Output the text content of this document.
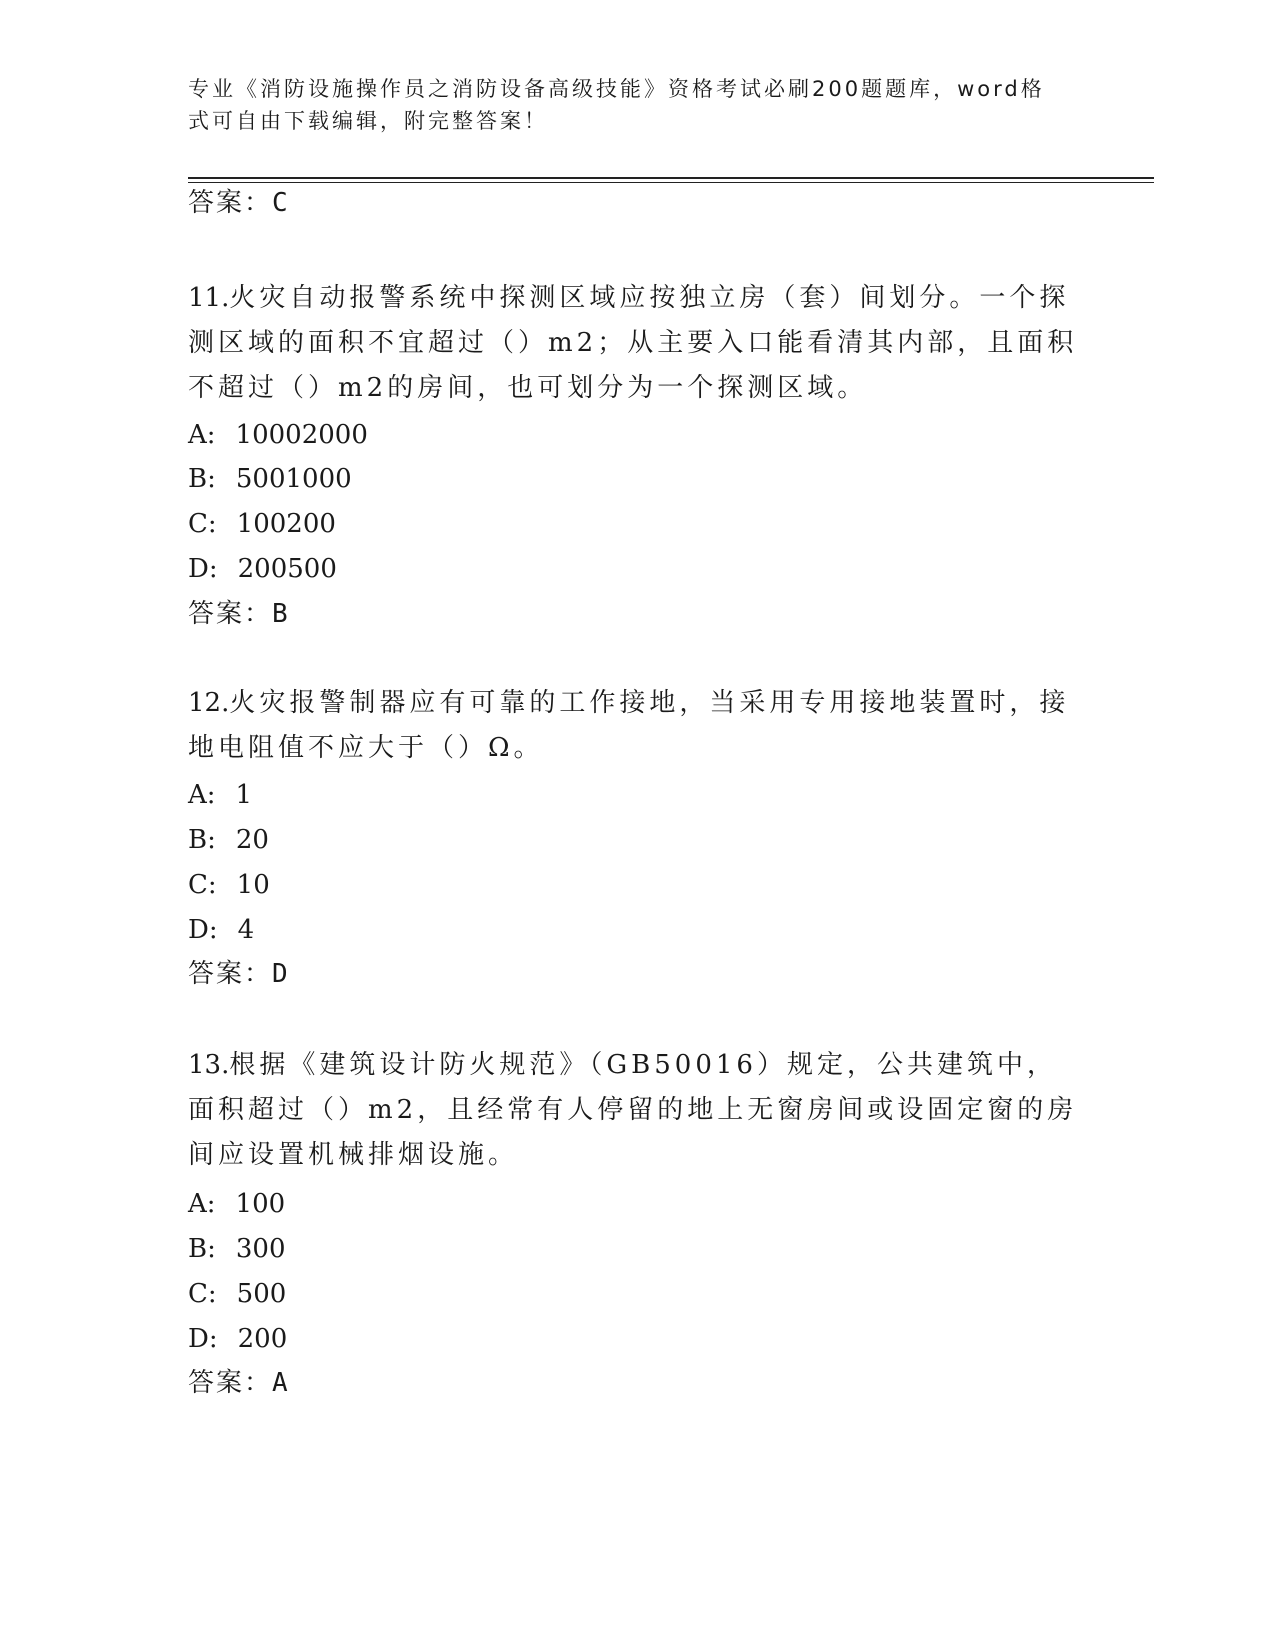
专业《消防设施操作员之消防设备高级技能》资格考试必刷200题题库，word格
式可自由下载编辑，附完整答案！
答案：C
11.火灾自动报警系统中探测区域应按独立房（套）间划分。一个探测区域的面积不宜超过（）m2；从主要入口能看清其内部，且面积不超过（）m2的房间，也可划分为一个探测区域。
A: 10002000
B: 5001000
C: 100200
D: 200500
答案：B
12.火灾报警制器应有可靠的工作接地，当采用专用接地装置时，接地电阻值不应大于（）Ω。
A: 1
B: 20
C: 10
D: 4
答案：D
13.根据《建筑设计防火规范》（GB50016）规定，公共建筑中，面积超过（）m2，且经常有人停留的地上无窗房间或设固定窗的房间应设置机械排烟设施。
A: 100
B: 300
C: 500
D: 200
答案：A
